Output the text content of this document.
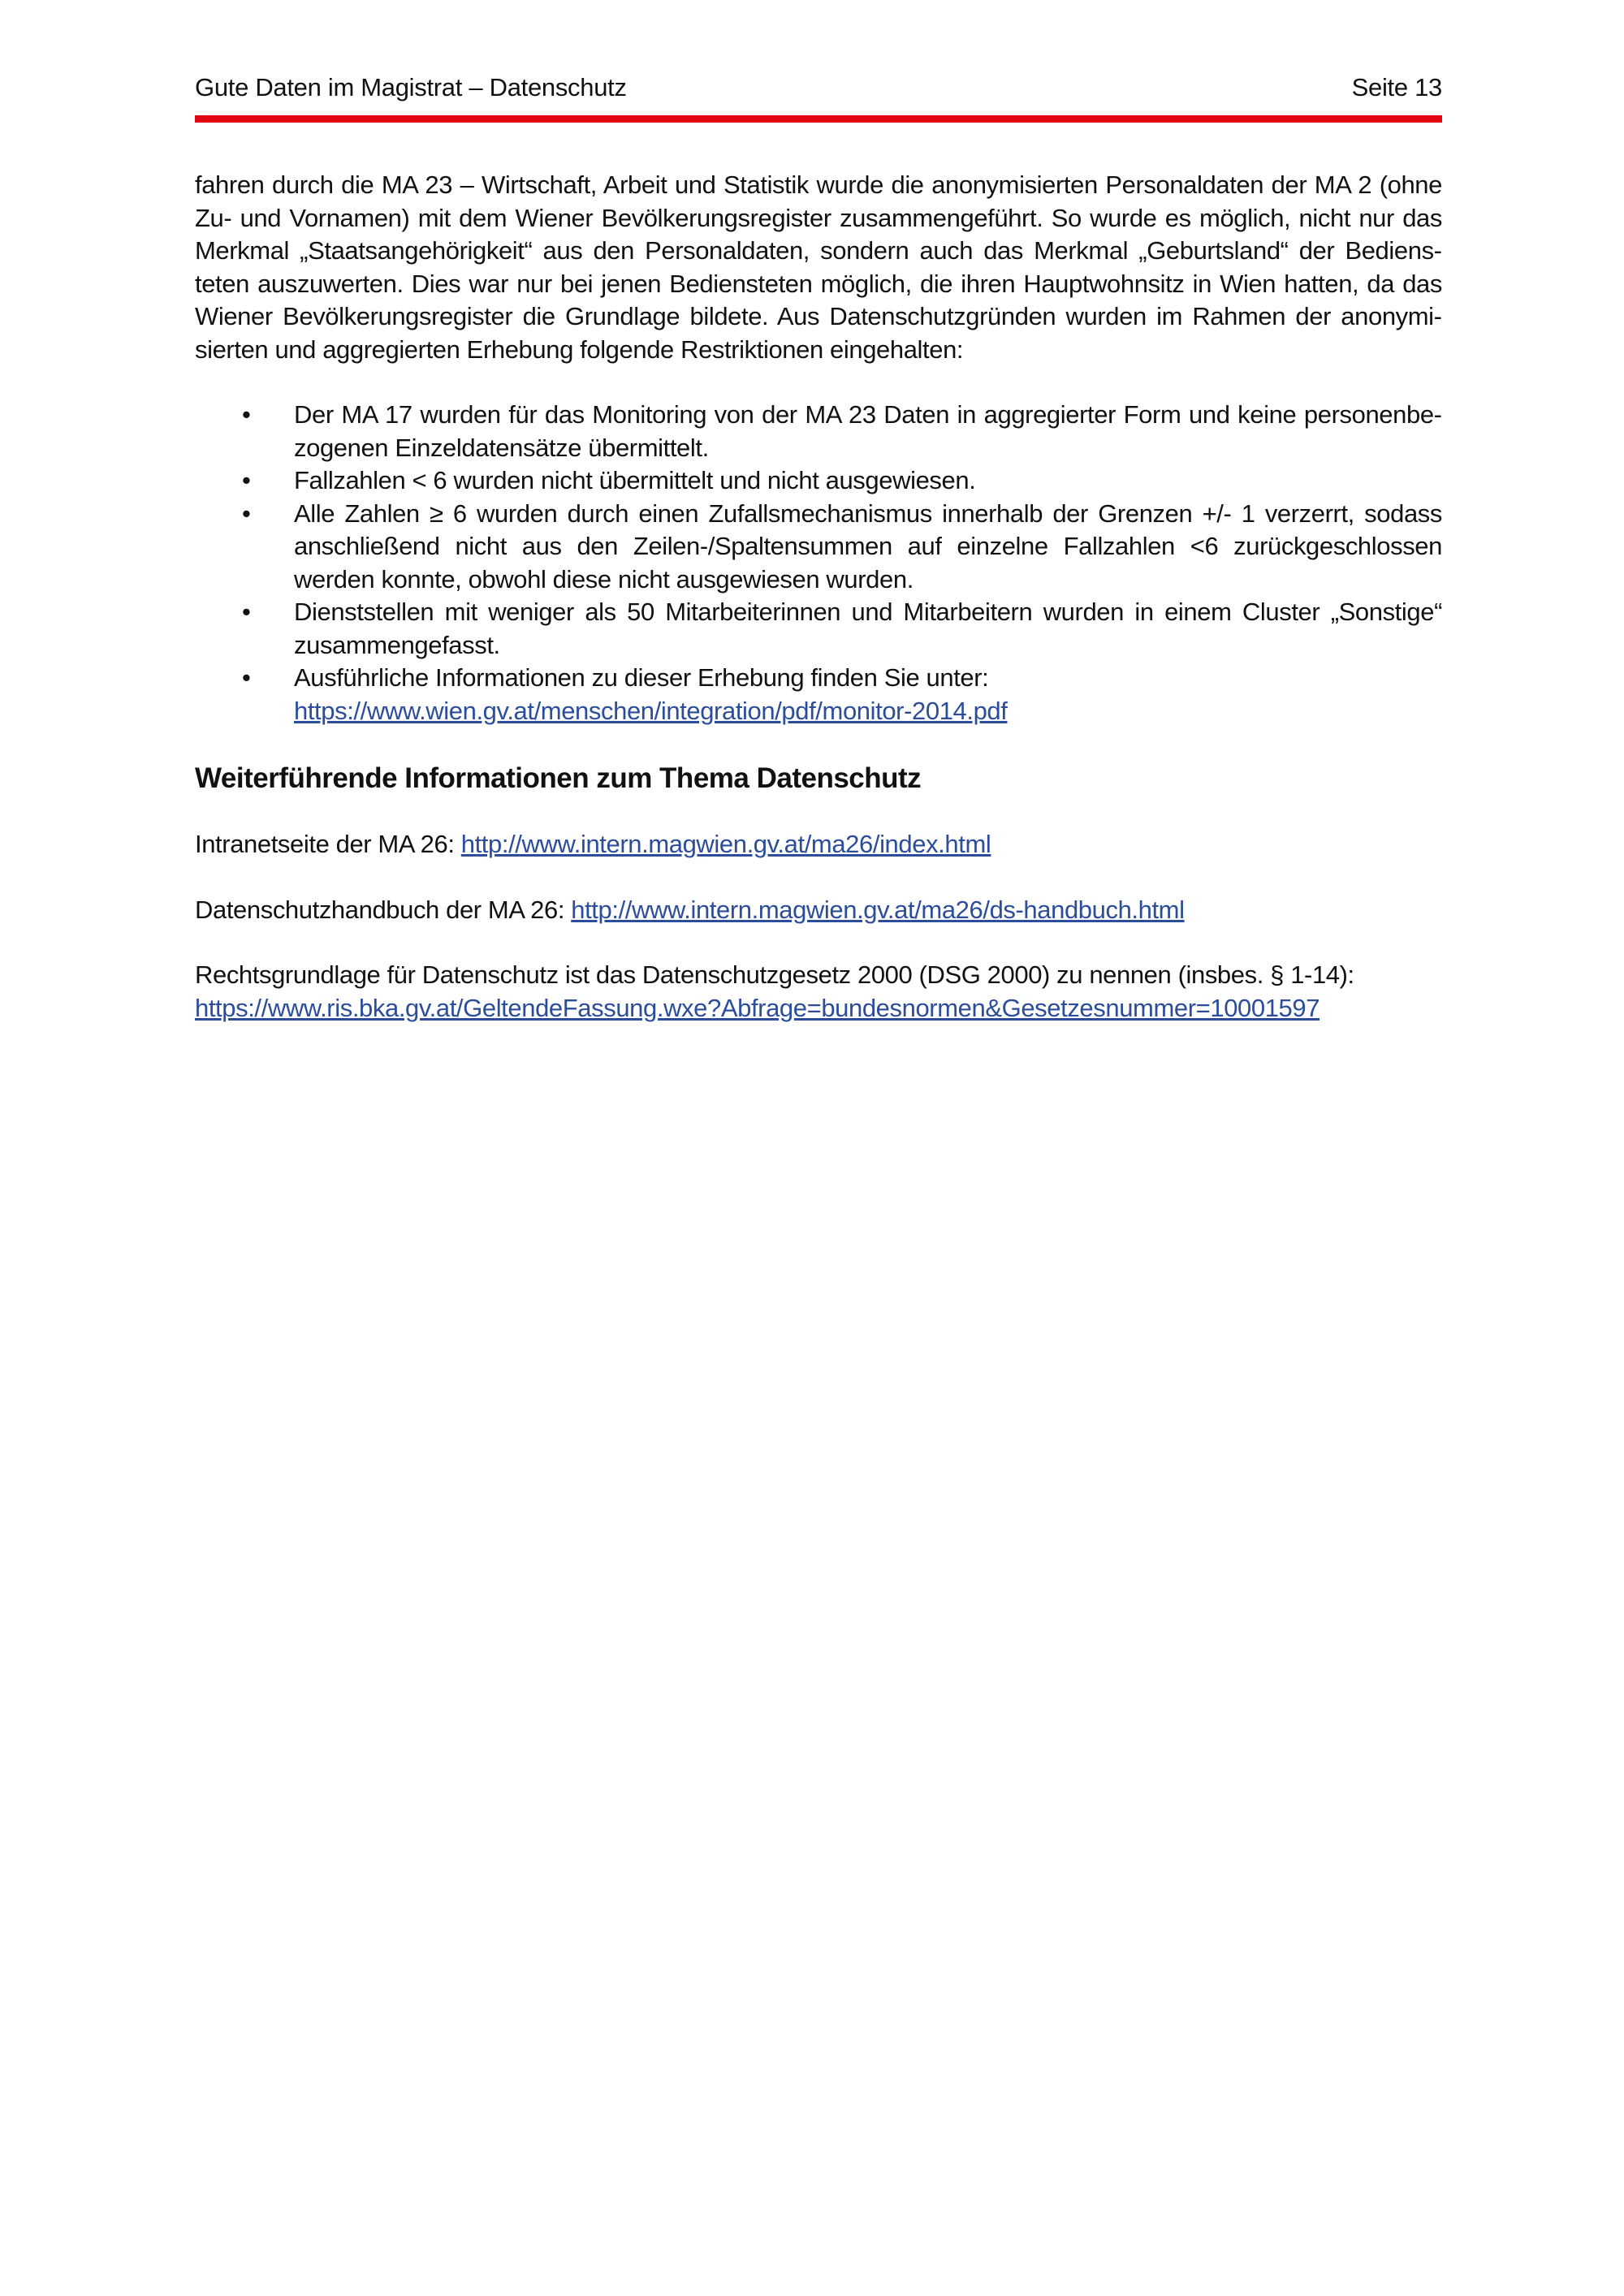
Gute Daten im Magistrat – Datenschutz	Seite 13

fahren durch die MA 23 – Wirtschaft, Arbeit und Statistik wurde die anonymisierten Personaldaten der MA 2 (ohne Zu- und Vornamen) mit dem Wiener Bevölkerungsregister zusammengeführt. So wurde es möglich, nicht nur das Merkmal „Staatsangehörigkeit“ aus den Personaldaten, sondern auch das Merkmal „Geburtsland“ der Bediensteten auszuwerten. Dies war nur bei jenen Bediensteten möglich, die ihren Hauptwohnsitz in Wien hatten, da das Wiener Bevölkerungsregister die Grundlage bildete. Aus Datenschutzgründen wurden im Rahmen der anonymisierten und aggregierten Erhebung folgende Restriktionen eingehalten:

• Der MA 17 wurden für das Monitoring von der MA 23 Daten in aggregierter Form und keine personenbezogenen Einzeldatensätze übermittelt.
• Fallzahlen < 6 wurden nicht übermittelt und nicht ausgewiesen.
• Alle Zahlen ≥ 6 wurden durch einen Zufallsmechanismus innerhalb der Grenzen +/- 1 verzerrt, sodass anschließend nicht aus den Zeilen-/Spaltensummen auf einzelne Fallzahlen <6 zurückgeschlossen werden konnte, obwohl diese nicht ausgewiesen wurden.
• Dienststellen mit weniger als 50 Mitarbeiterinnen und Mitarbeitern wurden in einem Cluster „Sonstige“ zusammengefasst.
• Ausführliche Informationen zu dieser Erhebung finden Sie unter:
https://www.wien.gv.at/menschen/integration/pdf/monitor-2014.pdf
Weiterführende Informationen zum Thema Datenschutz

Intranetseite der MA 26: http://www.intern.magwien.gv.at/ma26/index.html

Datenschutzhandbuch der MA 26: http://www.intern.magwien.gv.at/ma26/ds-handbuch.html

Rechtsgrundlage für Datenschutz ist das Datenschutzgesetz 2000 (DSG 2000) zu nennen (insbes. § 1-14):
https://www.ris.bka.gv.at/GeltendeFassung.wxe?Abfrage=bundesnormen&Gesetzesnummer=10001597
